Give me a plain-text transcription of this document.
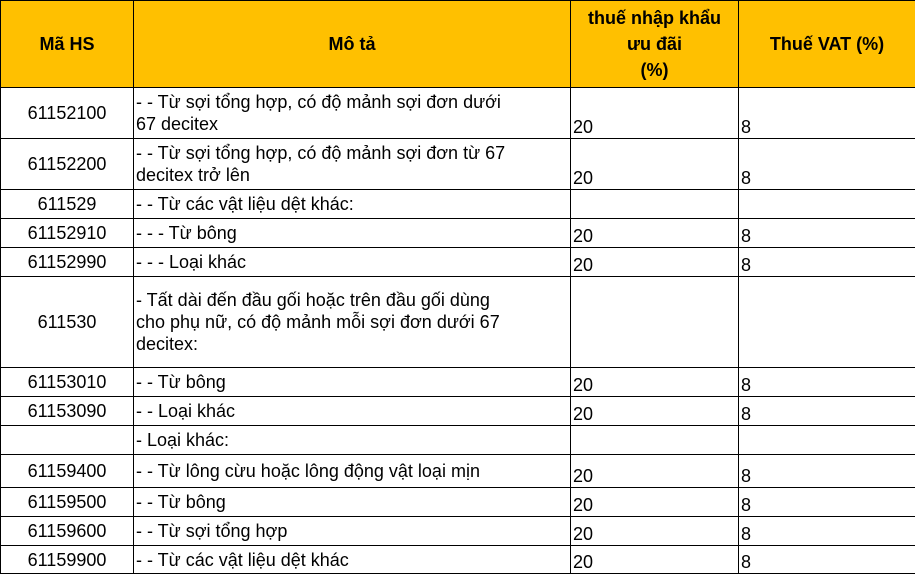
Mã HS	Mô tả	thuế nhập khẩu
ưu đãi
(%)	Thuế VAT (%)
61152100	- - Từ sợi tổng hợp, có độ mảnh sợi đơn dưới
67 decitex	20	8
61152200	- - Từ sợi tổng hợp, có độ mảnh sợi đơn từ 67
decitex trở lên	20	8
611529	- - Từ các vật liệu dệt khác:		

61152910	- - - Từ bông	20	8
61152990	- - - Loại khác	20	8
611530	- Tất dài đến đầu gối hoặc trên đầu gối dùng
cho phụ nữ, có độ mảnh mỗi sợi đơn dưới 67
decitex:		

61153010	- - Từ bông	20	8
61153090	- - Loại khác	20	8

	- Loại khác:		

61159400	- - Từ lông cừu hoặc lông động vật loại mịn	20	8
61159500	- - Từ bông	20	8
61159600	- - Từ sợi tổng hợp	20	8
61159900	- - Từ các vật liệu dệt khác	20	8
